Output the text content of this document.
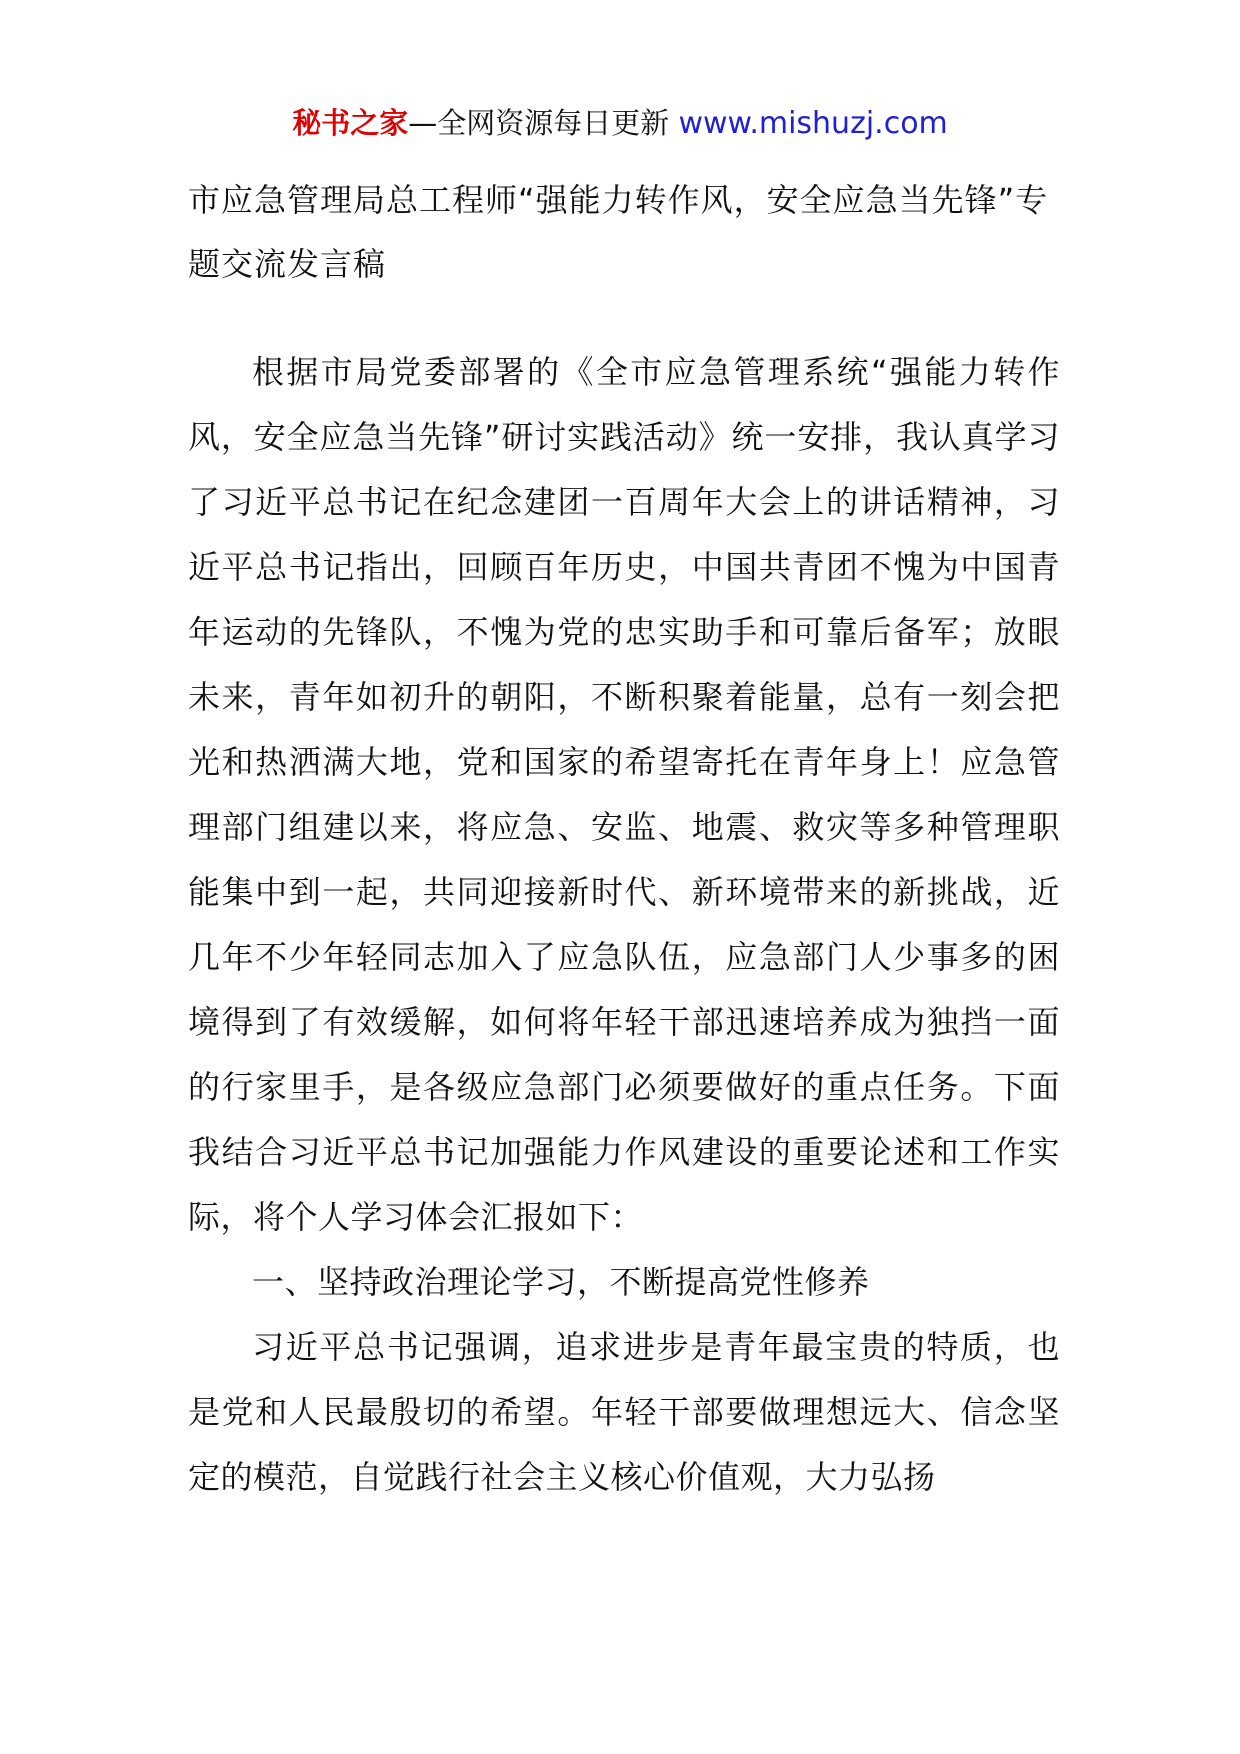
秘书之家—全网资源每日更新 www.mishuzj.com
市应急管理局总工程师“强能力转作风，安全应急当先锋”专题交流发言稿

根据市局党委部署的《全市应急管理系统“强能力转作风，安全应急当先锋”研讨实践活动》统一安排，我认真学习了习近平总书记在纪念建团一百周年大会上的讲话精神，习近平总书记指出，回顾百年历史，中国共青团不愧为中国青年运动的先锋队，不愧为党的忠实助手和可靠后备军；放眼未来，青年如初升的朝阳，不断积聚着能量，总有一刻会把光和热洒满大地，党和国家的希望寄托在青年身上！应急管理部门组建以来，将应急、安监、地震、救灾等多种管理职能集中到一起，共同迎接新时代、新环境带来的新挑战，近几年不少年轻同志加入了应急队伍，应急部门人少事多的困境得到了有效缓解，如何将年轻干部迅速培养成为独挡一面的行家里手，是各级应急部门必须要做好的重点任务。下面我结合习近平总书记加强能力作风建设的重要论述和工作实际，将个人学习体会汇报如下：

一、坚持政治理论学习，不断提高党性修养

习近平总书记强调，追求进步是青年最宝贵的特质，也是党和人民最殷切的希望。年轻干部要做理想远大、信念坚定的模范，自觉践行社会主义核心价值观，大力弘扬
